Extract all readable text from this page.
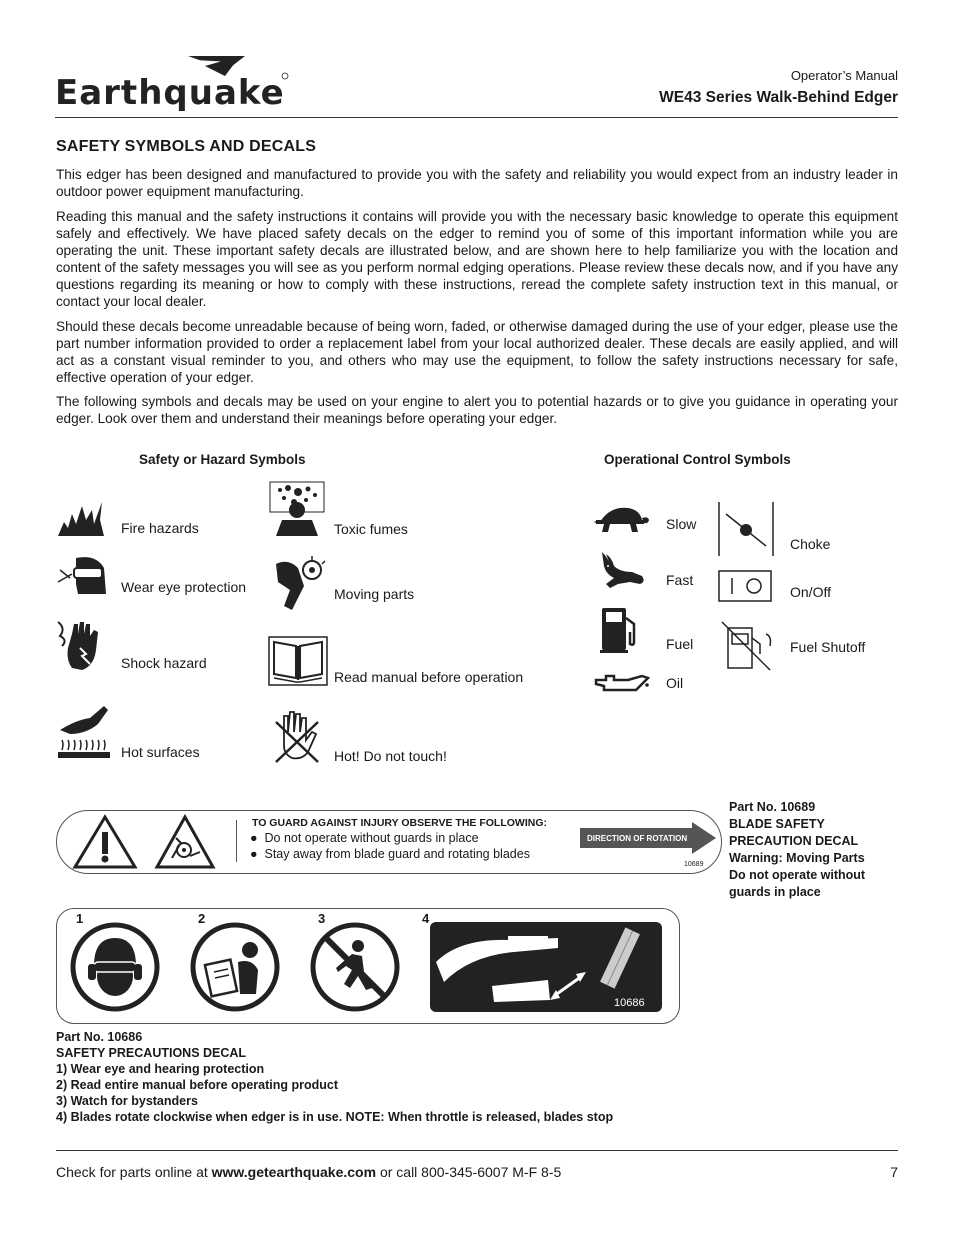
Earthquake	Operator’s Manual
WE43 Series Walk-Behind Edger
SAFETY SYMBOLS AND DECALS
This edger has been designed and manufactured to provide you with the safety and reliability you would expect from an industry leader in outdoor power equipment manufacturing.
Reading this manual and the safety instructions it contains will provide you with the necessary basic knowledge to operate this equipment safely and effectively. We have placed safety decals on the edger to remind you of some of this important information while you are operating the unit. These important safety decals are illustrated below, and are shown here to help familiarize you with the location and content of the safety messages you will see as you perform normal edging operations. Please review these decals now, and if you have any questions regarding its meaning or how to comply with these instructions, reread the complete safety instruction text in this manual, or contact your local dealer.
Should these decals become unreadable because of being worn, faded, or otherwise damaged during the use of your edger, please use the part number information provided to order a replacement label from your local authorized dealer. These decals are easily applied, and will act as a constant visual reminder to you, and others who may use the equipment, to follow the safety instructions necessary for safe, effective operation of your edger.
The following symbols and decals may be used on your engine to alert you to potential hazards or to give you guidance in operating your edger. Look over them and understand their meanings before operating your edger.
Safety or Hazard Symbols
Fire hazards	Toxic fumes
Wear eye protection	Moving parts
Shock hazard
Read manual before operation
Hot surfaces	Hot! Do not touch!
Operational Control Symbols
Slow
Choke
Fast
On/Off
Fuel	Fuel Shutoff
Oil
TO GUARD AGAINST INJURY OBSERVE THE FOLLOWING:
●  Do not operate without guards in place
●  Stay away from blade guard and rotating blades
DIRECTION OF ROTATION
10689
Part No. 10689
BLADE SAFETY
PRECAUTION DECAL
Warning: Moving Parts
Do not operate without
guards in place
1	2	3	4
10686
Part No. 10686
SAFETY PRECAUTIONS DECAL
1) Wear eye and hearing protection
2) Read entire manual before operating product
3) Watch for bystanders
4) Blades rotate clockwise when edger is in use. NOTE: When throttle is released, blades stop
Check for parts online at www.getearthquake.com or call 800-345-6007 M-F 8-5	7
